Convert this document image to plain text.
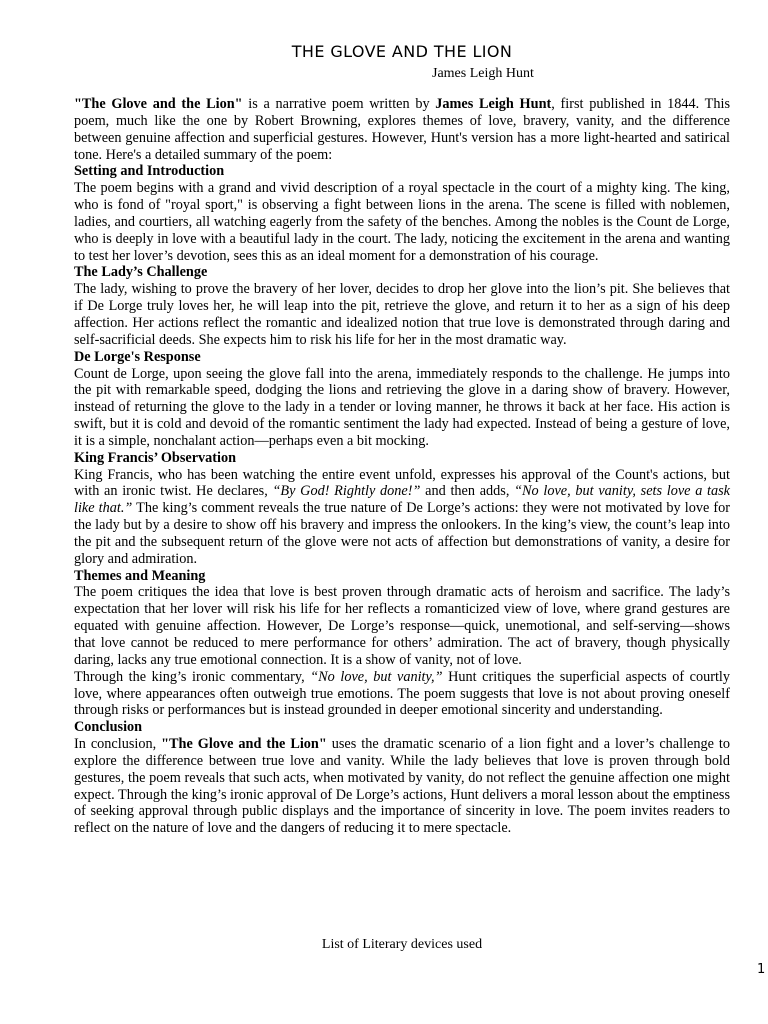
THE GLOVE AND THE LION
James Leigh Hunt

"The Glove and the Lion" is a narrative poem written by James Leigh Hunt, first published in 1844. This poem, much like the one by Robert Browning, explores themes of love, bravery, vanity, and the difference between genuine affection and superficial gestures. However, Hunt's version has a more light-hearted and satirical tone. Here's a detailed summary of the poem:

Setting and Introduction

The poem begins with a grand and vivid description of a royal spectacle in the court of a mighty king. The king, who is fond of "royal sport," is observing a fight between lions in the arena. The scene is filled with noblemen, ladies, and courtiers, all watching eagerly from the safety of the benches. Among the nobles is the Count de Lorge, who is deeply in love with a beautiful lady in the court. The lady, noticing the excitement in the arena and wanting to test her lover’s devotion, sees this as an ideal moment for a demonstration of his courage.

The Lady’s Challenge

The lady, wishing to prove the bravery of her lover, decides to drop her glove into the lion’s pit. She believes that if De Lorge truly loves her, he will leap into the pit, retrieve the glove, and return it to her as a sign of his deep affection. Her actions reflect the romantic and idealized notion that true love is demonstrated through daring and self-sacrificial deeds. She expects him to risk his life for her in the most dramatic way.

De Lorge's Response

Count de Lorge, upon seeing the glove fall into the arena, immediately responds to the challenge. He jumps into the pit with remarkable speed, dodging the lions and retrieving the glove in a daring show of bravery. However, instead of returning the glove to the lady in a tender or loving manner, he throws it back at her face. His action is swift, but it is cold and devoid of the romantic sentiment the lady had expected. Instead of being a gesture of love, it is a simple, nonchalant action—perhaps even a bit mocking.

King Francis’ Observation

King Francis, who has been watching the entire event unfold, expresses his approval of the Count's actions, but with an ironic twist. He declares, “By God! Rightly done!” and then adds, “No love, but vanity, sets love a task like that.” The king’s comment reveals the true nature of De Lorge’s actions: they were not motivated by love for the lady but by a desire to show off his bravery and impress the onlookers. In the king’s view, the count’s leap into the pit and the subsequent return of the glove were not acts of affection but demonstrations of vanity, a desire for glory and admiration.

Themes and Meaning

The poem critiques the idea that love is best proven through dramatic acts of heroism and sacrifice. The lady’s expectation that her lover will risk his life for her reflects a romanticized view of love, where grand gestures are equated with genuine affection. However, De Lorge’s response—quick, unemotional, and self-serving—shows that love cannot be reduced to mere performance for others’ admiration. The act of bravery, though physically daring, lacks any true emotional connection. It is a show of vanity, not of love.

Through the king’s ironic commentary, “No love, but vanity,” Hunt critiques the superficial aspects of courtly love, where appearances often outweigh true emotions. The poem suggests that love is not about proving oneself through risks or performances but is instead grounded in deeper emotional sincerity and understanding.

Conclusion

In conclusion, "The Glove and the Lion" uses the dramatic scenario of a lion fight and a lover’s challenge to explore the difference between true love and vanity. While the lady believes that love is proven through bold gestures, the poem reveals that such acts, when motivated by vanity, do not reflect the genuine affection one might expect. Through the king’s ironic approval of De Lorge’s actions, Hunt delivers a moral lesson about the emptiness of seeking approval through public displays and the importance of sincerity in love. The poem invites readers to reflect on the nature of love and the dangers of reducing it to mere spectacle.

List of Literary devices used
1
